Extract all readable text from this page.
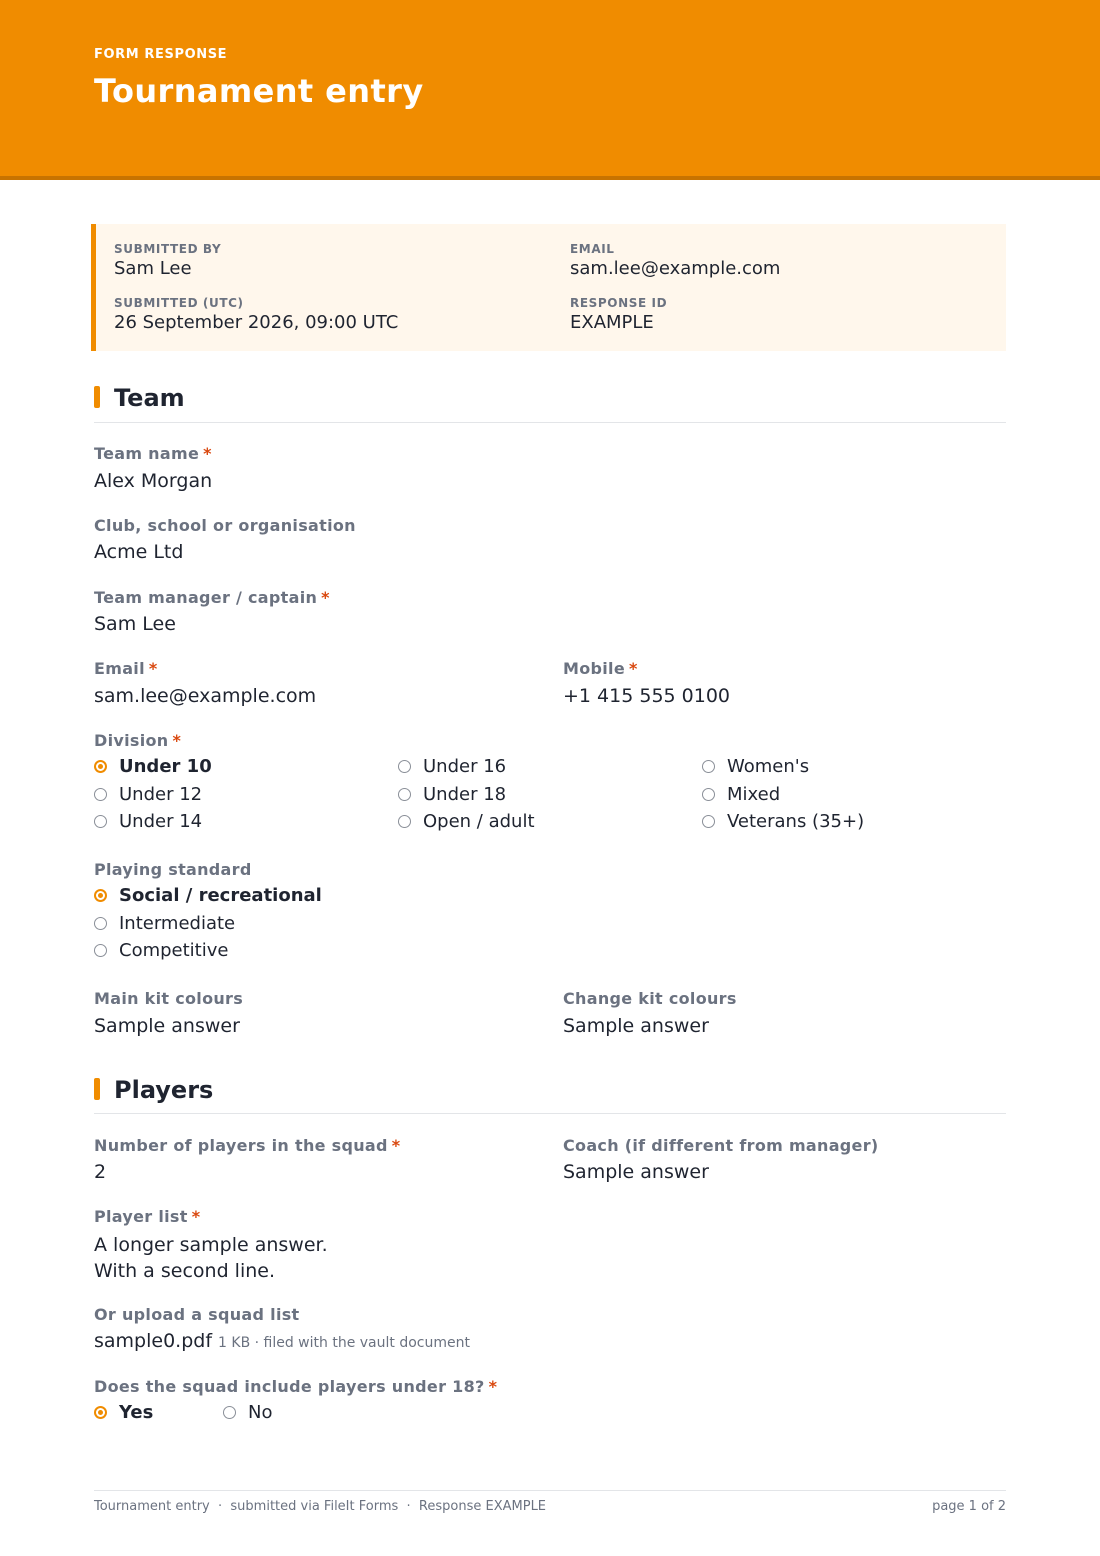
FORM RESPONSE
Tournament entry
SUBMITTED BY
Sam Lee
EMAIL
sam.lee@example.com
SUBMITTED (UTC)
26 September 2026, 09:00 UTC
RESPONSE ID
EXAMPLE
Team
Team name *
Alex Morgan
Club, school or organisation
Acme Ltd
Team manager / captain *
Sam Lee
Email *
sam.lee@example.com
Mobile *
+1 415 555 0100
Division *
Under 10
Under 12
Under 14
Under 16
Under 18
Open / adult
Women's
Mixed
Veterans (35+)
Playing standard
Social / recreational
Intermediate
Competitive
Main kit colours
Sample answer
Change kit colours
Sample answer
Players
Number of players in the squad *
2
Coach (if different from manager)
Sample answer
Player list *
A longer sample answer.
With a second line.
Or upload a squad list
sample0.pdf 1 KB · filed with the vault document
Does the squad include players under 18? *
Yes	No
Tournament entry  ·  submitted via FileIt Forms  ·  Response EXAMPLE	page 1 of 2
